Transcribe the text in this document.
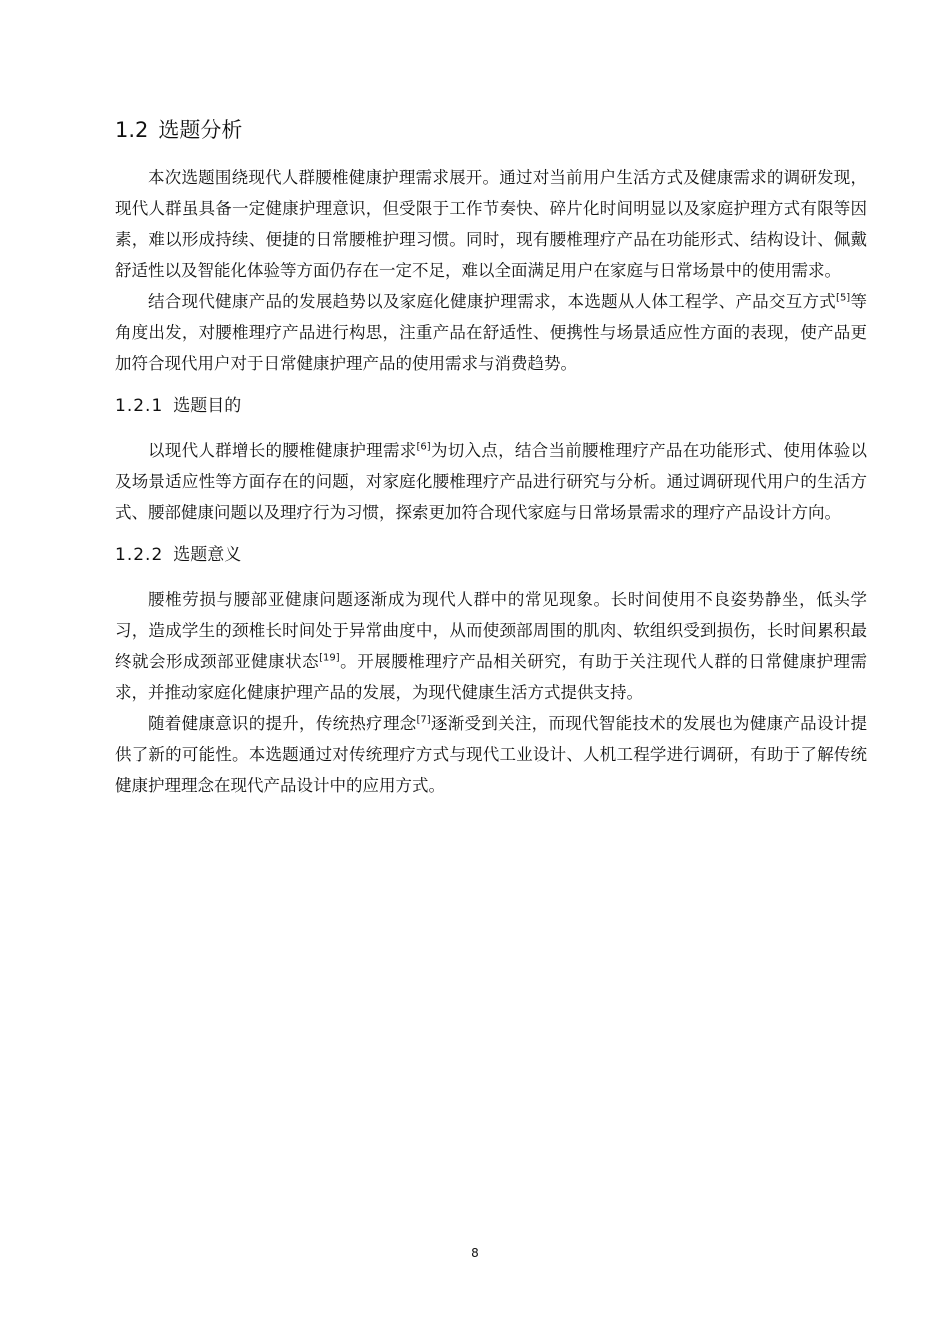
1.2 选题分析

本次选题围绕现代人群腰椎健康护理需求展开。通过对当前用户生活方式及健康需求的调研发现，现代人群虽具备一定健康护理意识，但受限于工作节奏快、碎片化时间明显以及家庭护理方式有限等因素，难以形成持续、便捷的日常腰椎护理习惯。同时，现有腰椎理疗产品在功能形式、结构设计、佩戴舒适性以及智能化体验等方面仍存在一定不足，难以全面满足用户在家庭与日常场景中的使用需求。

结合现代健康产品的发展趋势以及家庭化健康护理需求，本选题从人体工程学、产品交互方式[5]等角度出发，对腰椎理疗产品进行构思，注重产品在舒适性、便携性与场景适应性方面的表现，使产品更加符合现代用户对于日常健康护理产品的使用需求与消费趋势。

1.2.1 选题目的

以现代人群增长的腰椎健康护理需求[6]为切入点，结合当前腰椎理疗产品在功能形式、使用体验以及场景适应性等方面存在的问题，对家庭化腰椎理疗产品进行研究与分析。通过调研现代用户的生活方式、腰部健康问题以及理疗行为习惯，探索更加符合现代家庭与日常场景需求的理疗产品设计方向。

1.2.2 选题意义

腰椎劳损与腰部亚健康问题逐渐成为现代人群中的常见现象。长时间使用不良姿势静坐，低头学习，造成学生的颈椎长时间处于异常曲度中，从而使颈部周围的肌肉、软组织受到损伤，长时间累积最终就会形成颈部亚健康状态[19]。开展腰椎理疗产品相关研究，有助于关注现代人群的日常健康护理需求，并推动家庭化健康护理产品的发展，为现代健康生活方式提供支持。

随着健康意识的提升，传统热疗理念[7]逐渐受到关注，而现代智能技术的发展也为健康产品设计提供了新的可能性。本选题通过对传统理疗方式与现代工业设计、人机工程学进行调研，有助于了解传统健康护理理念在现代产品设计中的应用方式。

8
